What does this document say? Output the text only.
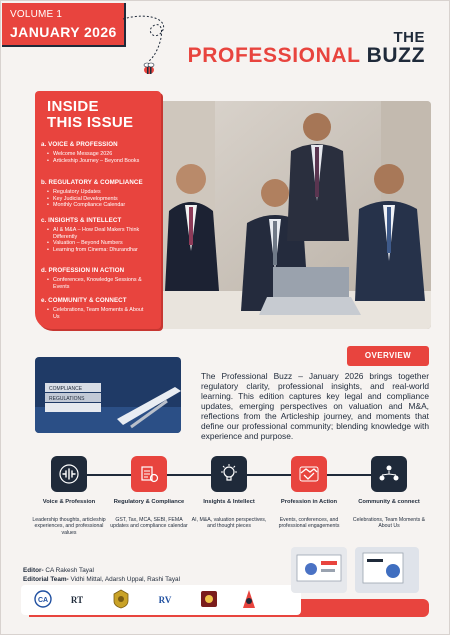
VOLUME 1
JANUARY 2026	THE
PROFESSIONAL BUZZ
INSIDE
THIS ISSUE
a. VOICE & PROFESSION
• Welcome Message 2026
• Articleship Journey – Beyond Books
b. REGULATORY & COMPLIANCE
• Regulatory Updates
• Key Judicial Developments
• Monthly Compliance Calendar
c. INSIGHTS & INTELLECT
• AI & M&A – How Deal Makers Think Differently
• Valuation – Beyond Numbers
• Learning from Cinema: Dhurandhar
d. PROFESSION IN ACTION
• Conferences, Knowledge Sessions & Events
e. COMMUNITY & CONNECT
• Celebrations, Team Moments & About Us
COMPLIANCE
REGULATIONS
OVERVIEW
The Professional Buzz – January 2026 brings together regulatory clarity, professional insights, and real-world learning. This edition captures key legal and compliance updates, emerging perspectives on valuation and M&A, reflections from the Articleship journey, and moments that define our professional community; blending knowledge with experience and purpose.
Voice & Profession
Leadership thoughts, articleship experiences, and professional values
Regulatory & Compliance
GST, Tax, MCA, SEBI, FEMA updates and compliance calendar
Insights & Intellect
AI, M&A, valuation perspectives, and thought pieces
Profession in Action
Events, conferences, and professional engagements
Community & connect
Celebrations, Team Moments & About Us
Editor- CA Rakesh Tayal
Editorial Team- Vidhi Mittal, Adarsh Uppal, Rashi Tayal
CA	RT	RV
